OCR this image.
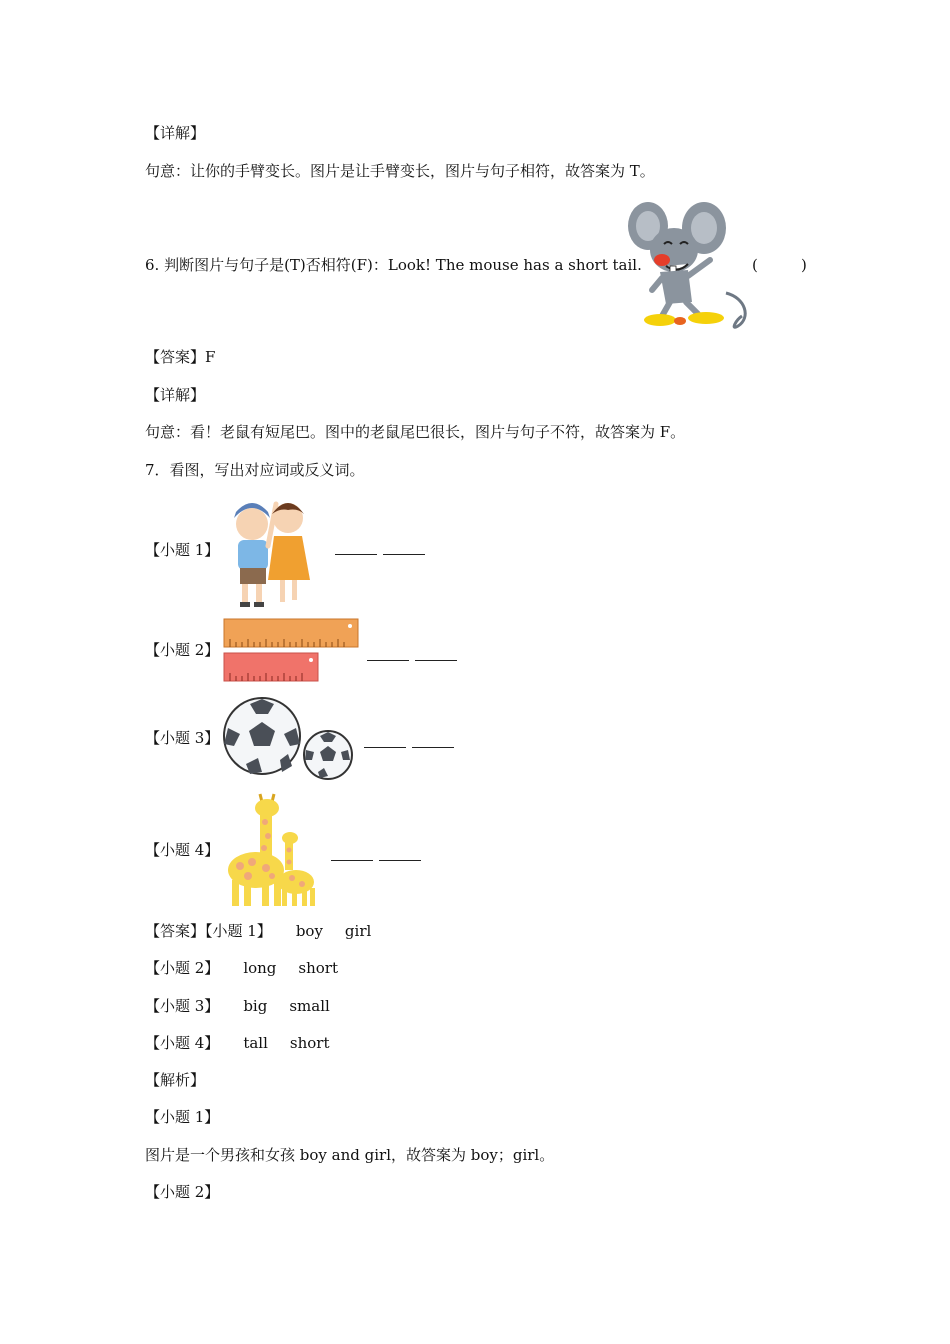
【详解】
句意：让你的手臂变长。图片是让手臂变长，图片与句子相符，故答案为 T。
6. 判断图片与句子是(T)否相符(F)：Look! The mouse has a short tail.	(	)
【答案】F
【详解】
句意：看！老鼠有短尾巴。图中的老鼠尾巴很长，图片与句子不符，故答案为 F。
7．看图，写出对应词或反义词。
【小题 1】
【小题 2】
【小题 3】
【小题 4】
【答案】【小题 1】 boy girl
【小题 2】 long short
【小题 3】 big small
【小题 4】 tall short
【解析】
【小题 1】
图片是一个男孩和女孩 boy and girl，故答案为 boy；girl。
【小题 2】
